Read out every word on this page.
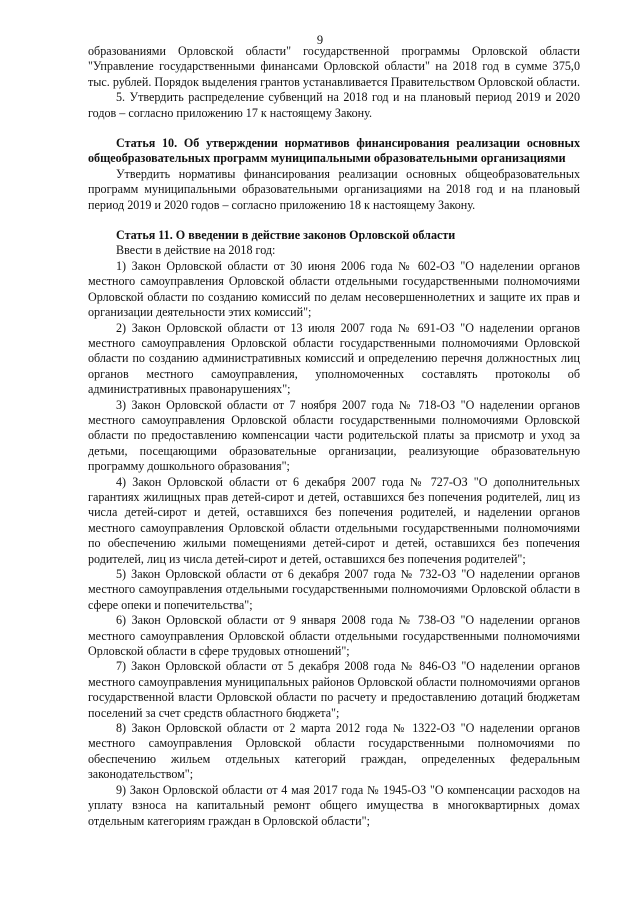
9

образованиями Орловской области" государственной программы Орловской области "Управление государственными финансами Орловской области" на 2018 год в сумме 375,0 тыс. рублей. Порядок выделения грантов устанавливается Правительством Орловской области.

5. Утвердить распределение субвенций на 2018 год и на плановый период 2019 и 2020 годов – согласно приложению 17 к настоящему Закону.

Статья 10. Об утверждении нормативов финансирования реализации основных общеобразовательных программ муниципальными образовательными организациями

Утвердить нормативы финансирования реализации основных общеобразовательных программ муниципальными образовательными организациями на 2018 год и на плановый период 2019 и 2020 годов – согласно приложению 18 к настоящему Закону.

Статья 11. О введении в действие законов Орловской области

Ввести в действие на 2018 год:

1) Закон Орловской области от 30 июня 2006 года № 602-ОЗ "О наделении органов местного самоуправления Орловской области отдельными государственными полномочиями Орловской области по созданию комиссий по делам несовершеннолетних и защите их прав и организации деятельности этих комиссий";

2) Закон Орловской области от 13 июля 2007 года № 691-ОЗ "О наделении органов местного самоуправления Орловской области государственными полномочиями Орловской области по созданию административных комиссий и определению перечня должностных лиц органов местного самоуправления, уполномоченных составлять протоколы об административных правонарушениях";

3) Закон Орловской области от 7 ноября 2007 года № 718-ОЗ "О наделении органов местного самоуправления Орловской области государственными полномочиями Орловской области по предоставлению компенсации части родительской платы за присмотр и уход за детьми, посещающими образовательные организации, реализующие образовательную программу дошкольного образования";

4) Закон Орловской области от 6 декабря 2007 года № 727-ОЗ "О дополнительных гарантиях жилищных прав детей-сирот и детей, оставшихся без попечения родителей, лиц из числа детей-сирот и детей, оставшихся без попечения родителей, и наделении органов местного самоуправления Орловской области отдельными государственными полномочиями по обеспечению жилыми помещениями детей-сирот и детей, оставшихся без попечения родителей, лиц из числа детей-сирот и детей, оставшихся без попечения родителей";

5) Закон Орловской области от 6 декабря 2007 года № 732-ОЗ "О наделении органов местного самоуправления отдельными государственными полномочиями Орловской области в сфере опеки и попечительства";

6) Закон Орловской области от 9 января 2008 года № 738-ОЗ "О наделении органов местного самоуправления Орловской области отдельными государственными полномочиями Орловской области в сфере трудовых отношений";

7) Закон Орловской области от 5 декабря 2008 года № 846-ОЗ "О наделении органов местного самоуправления муниципальных районов Орловской области полномочиями органов государственной власти Орловской области по расчету и предоставлению дотаций бюджетам поселений за счет средств областного бюджета";

8) Закон Орловской области от 2 марта 2012 года № 1322-ОЗ "О наделении органов местного самоуправления Орловской области государственными полномочиями по обеспечению жильем отдельных категорий граждан, определенных федеральным законодательством";

9) Закон Орловской области от 4 мая 2017 года № 1945-ОЗ "О компенсации расходов на уплату взноса на капитальный ремонт общего имущества в многоквартирных домах отдельным категориям граждан в Орловской области";
